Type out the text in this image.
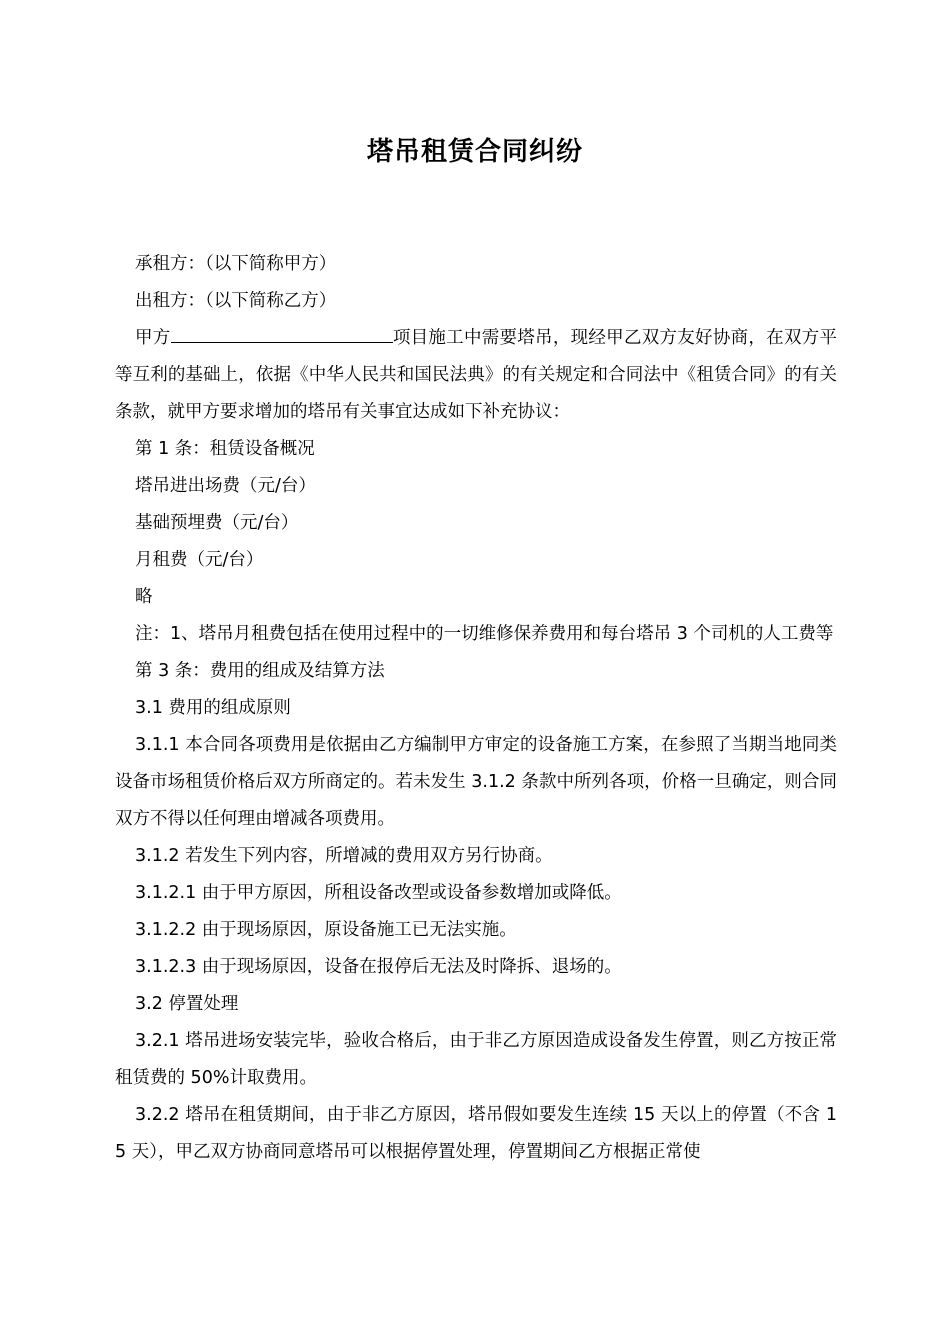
塔吊租赁合同纠纷

承租方：（以下简称甲方）

出租方：（以下简称乙方）

甲方	项目施工中需要塔吊，现经甲乙双方友好协商，在双方平等互利的基础上，依据《中华人民共和国民法典》的有关规定和合同法中《租赁合同》的有关条款，就甲方要求增加的塔吊有关事宜达成如下补充协议：

第 1 条：租赁设备概况

塔吊进出场费（元/台）

基础预埋费（元/台）

月租费（元/台）

略

注：1、塔吊月租费包括在使用过程中的一切维修保养费用和每台塔吊 3 个司机的人工费等

第 3 条：费用的组成及结算方法

3.1 费用的组成原则

3.1.1 本合同各项费用是依据由乙方编制甲方审定的设备施工方案，在参照了当期当地同类设备市场租赁价格后双方所商定的。若未发生 3.1.2 条款中所列各项，价格一旦确定，则合同双方不得以任何理由增减各项费用。

3.1.2 若发生下列内容，所增减的费用双方另行协商。

3.1.2.1 由于甲方原因，所租设备改型或设备参数增加或降低。

3.1.2.2 由于现场原因，原设备施工已无法实施。

3.1.2.3 由于现场原因，设备在报停后无法及时降拆、退场的。

3.2 停置处理

3.2.1 塔吊进场安装完毕，验收合格后，由于非乙方原因造成设备发生停置，则乙方按正常租赁费的 50%计取费用。

3.2.2 塔吊在租赁期间，由于非乙方原因，塔吊假如要发生连续 15 天以上的停置（不含 15 天），甲乙双方协商同意塔吊可以根据停置处理，停置期间乙方根据正常使
